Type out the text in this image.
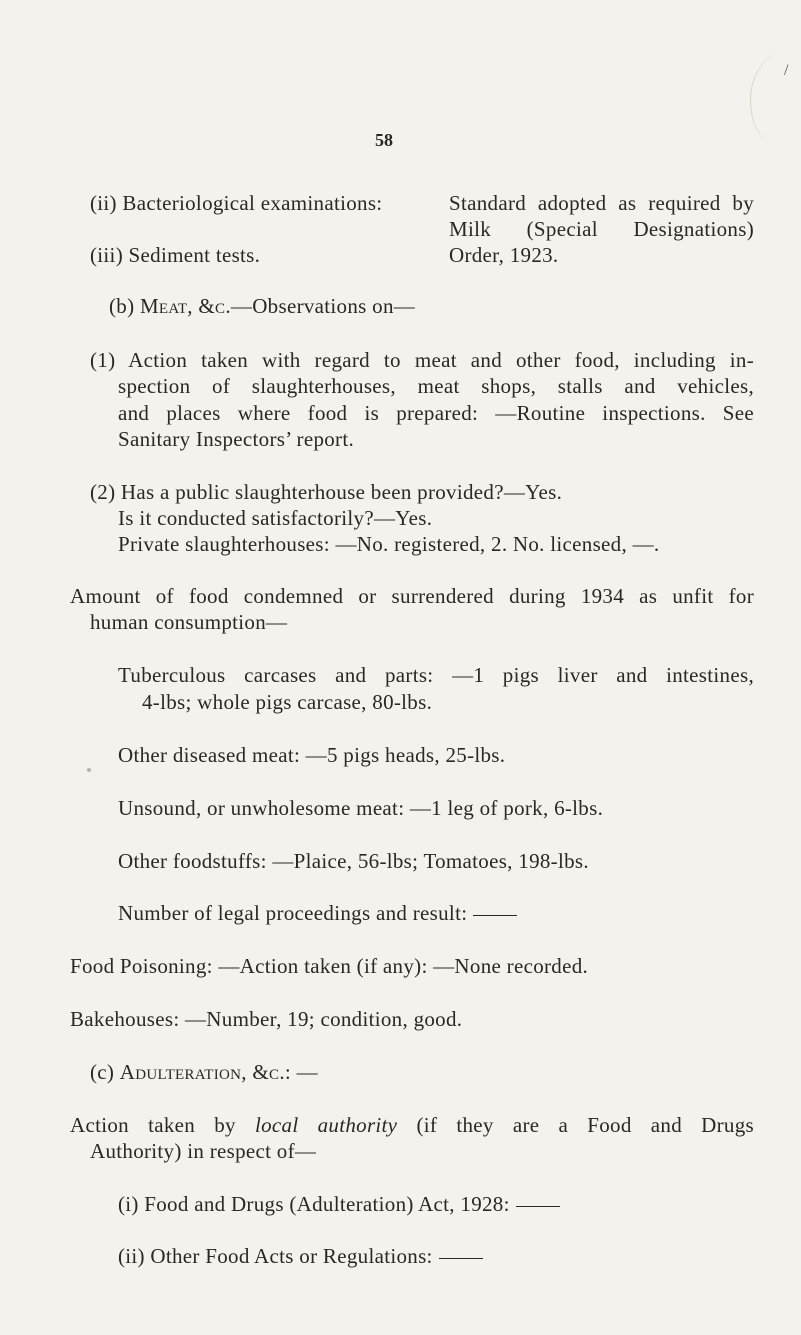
/
58
(ii) Bacteriological examinations:
(iii) Sediment tests.
Standard adopted as required by
Milk (Special Designations)
Order, 1923.
(b) Meat, &c.—Observations on—
(1) Action taken with regard to meat and other food, including in-
spection of slaughterhouses, meat shops, stalls and vehicles,
and places where food is prepared: —Routine inspections. See
Sanitary Inspectors’ report.
(2) Has a public slaughterhouse been provided?—Yes.
Is it conducted satisfactorily?—Yes.
Private slaughterhouses: —No. registered, 2. No. licensed, —.
Amount of food condemned or surrendered during 1934 as unfit for
human consumption—
Tuberculous carcases and parts: —1 pigs liver and intestines,
4-lbs; whole pigs carcase, 80-lbs.
Other diseased meat: —5 pigs heads, 25-lbs.
Unsound, or unwholesome meat: —1 leg of pork, 6-lbs.
Other foodstuffs: —Plaice, 56-lbs; Tomatoes, 198-lbs.
Number of legal proceedings and result:
Food Poisoning: —Action taken (if any): —None recorded.
Bakehouses: —Number, 19; condition, good.
(c) Adulteration, &c.: —
Action taken by local authority (if they are a Food and Drugs
Authority) in respect of—
(i) Food and Drugs (Adulteration) Act, 1928:
(ii) Other Food Acts or Regulations:
